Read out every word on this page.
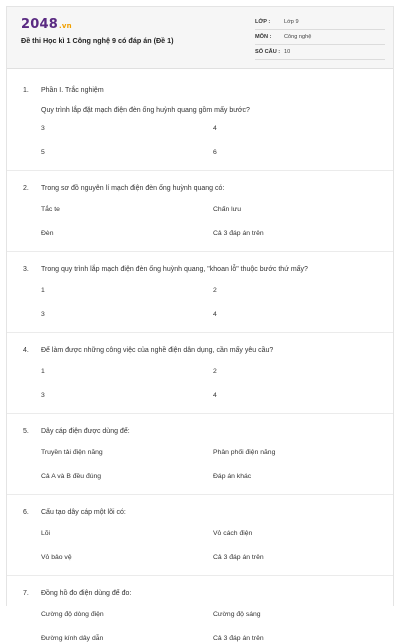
2048.vn
Đề thi Học kì 1 Công nghệ 9 có đáp án (Đề 1)
LỚP :	Lớp 9
MÔN :	Công nghệ
SỐ CÂU : 10
1.	Phần I. Trắc nghiệm
Quy trình lắp đặt mạch điện đèn ống huỳnh quang gồm mấy bước?
3	4
5	6
2.	Trong sơ đồ nguyên lí mạch điện đèn ống huỳnh quang có:
Tắc te	Chấn lưu
Đèn	Cả 3 đáp án trên
3.	Trong quy trình lắp mạch điện đèn ống huỳnh quang, "khoan lỗ" thuộc bước thứ mấy?
1	2
3	4
4.	Để làm được những công việc của nghề điện dân dụng, cần mấy yêu cầu?
1	2
3	4
5.	Dây cáp điện được dùng để:
Truyền tải điện năng	Phân phối điện năng
Cả A và B đều đúng	Đáp án khác
6.	Cấu tạo dây cáp một lõi có:
Lõi	Vỏ cách điện
Vỏ bảo vệ	Cả 3 đáp án trên
7.	Đồng hồ đo điện dùng để đo:
Cường độ dòng điện	Cường độ sáng
Đường kính dây dẫn	Cả 3 đáp án trên
